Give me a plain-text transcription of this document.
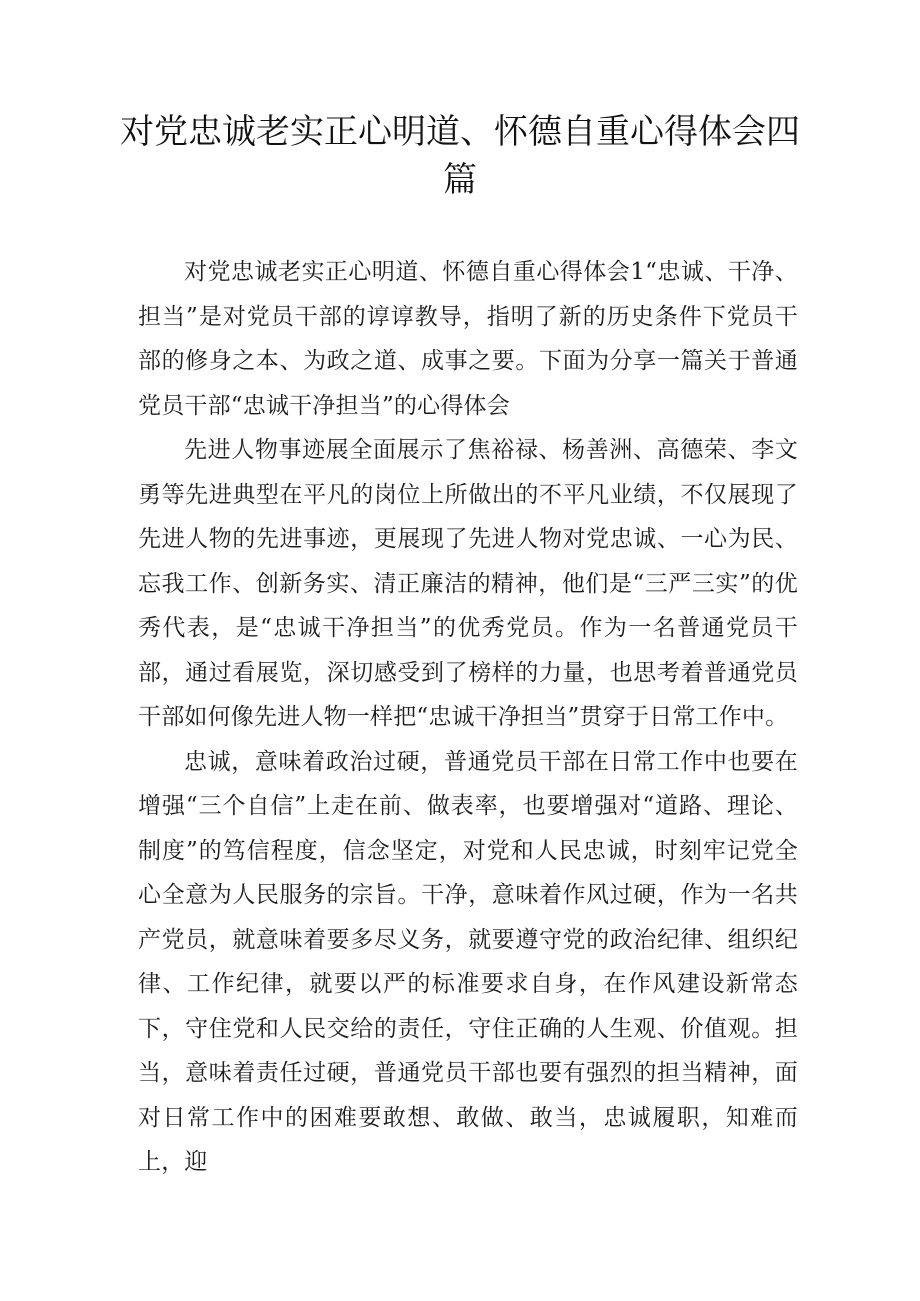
对党忠诚老实正心明道、怀德自重心得体会四篇

对党忠诚老实正心明道、怀德自重心得体会1“忠诚、干净、担当”是对党员干部的谆谆教导，指明了新的历史条件下党员干部的修身之本、为政之道、成事之要。下面为分享一篇关于普通党员干部“忠诚干净担当”的心得体会

先进人物事迹展全面展示了焦裕禄、杨善洲、高德荣、李文勇等先进典型在平凡的岗位上所做出的不平凡业绩，不仅展现了先进人物的先进事迹，更展现了先进人物对党忠诚、一心为民、忘我工作、创新务实、清正廉洁的精神，他们是“三严三实”的优秀代表，是“忠诚干净担当”的优秀党员。作为一名普通党员干部，通过看展览，深切感受到了榜样的力量，也思考着普通党员干部如何像先进人物一样把“忠诚干净担当”贯穿于日常工作中。

忠诚，意味着政治过硬，普通党员干部在日常工作中也要在增强“三个自信”上走在前、做表率，也要增强对“道路、理论、制度”的笃信程度，信念坚定，对党和人民忠诚，时刻牢记党全心全意为人民服务的宗旨。干净，意味着作风过硬，作为一名共产党员，就意味着要多尽义务，就要遵守党的政治纪律、组织纪律、工作纪律，就要以严的标准要求自身，在作风建设新常态下，守住党和人民交给的责任，守住正确的人生观、价值观。担当，意味着责任过硬，普通党员干部也要有强烈的担当精神，面对日常工作中的困难要敢想、敢做、敢当，忠诚履职，知难而上，迎
